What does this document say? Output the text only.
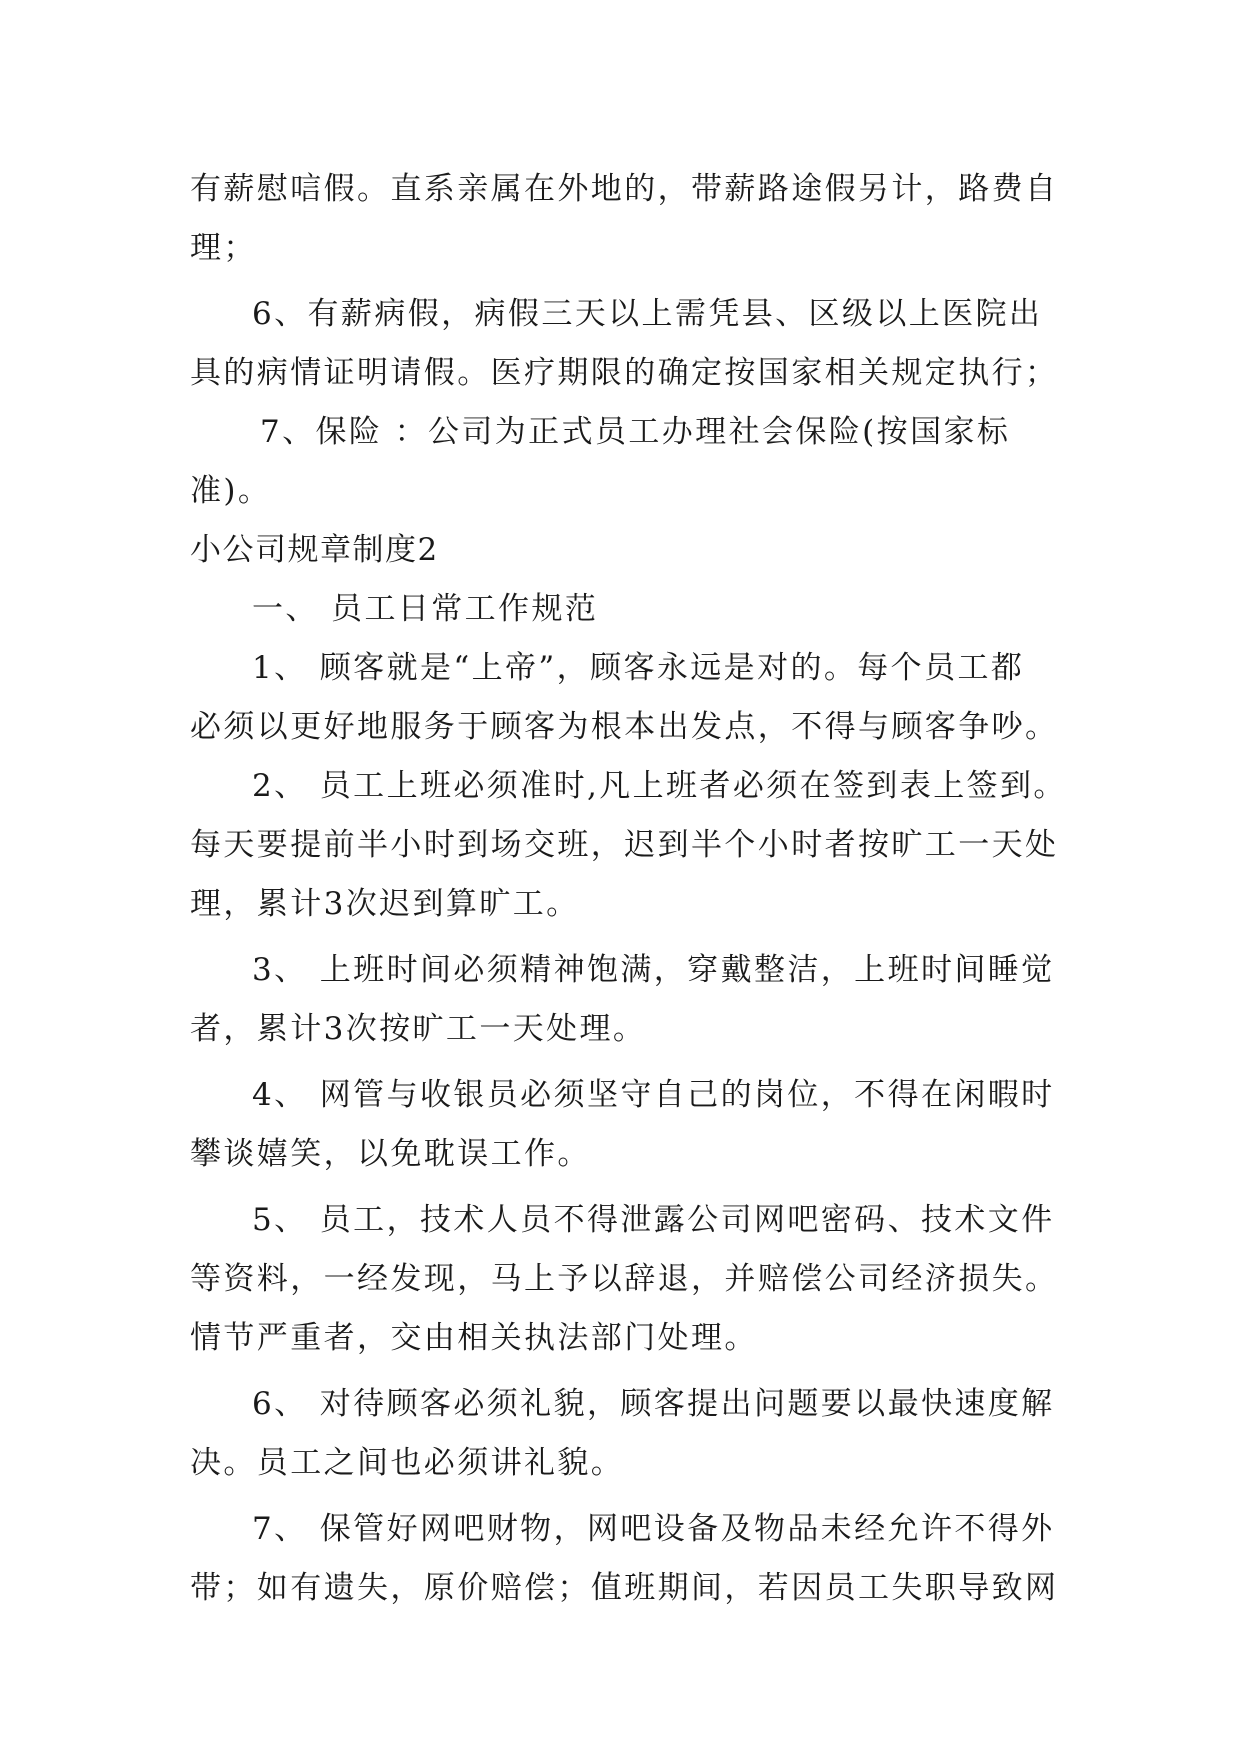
有薪慰唁假。直系亲属在外地的，带薪路途假另计，路费自
理；
6、有薪病假，病假三天以上需凭县、区级以上医院出
具的病情证明请假。医疗期限的确定按国家相关规定执行；
7、保险 ：公司为正式员工办理社会保险(按国家标
准)。
小公司规章制度2
一、 员工日常工作规范
1、 顾客就是“上帝”，顾客永远是对的。每个员工都
必须以更好地服务于顾客为根本出发点，不得与顾客争吵。
2、 员工上班必须准时,凡上班者必须在签到表上签到。
每天要提前半小时到场交班，迟到半个小时者按旷工一天处
理，累计3次迟到算旷工。
3、 上班时间必须精神饱满，穿戴整洁，上班时间睡觉
者，累计3次按旷工一天处理。
4、 网管与收银员必须坚守自己的岗位，不得在闲暇时
攀谈嬉笑，以免耽误工作。
5、 员工，技术人员不得泄露公司网吧密码、技术文件
等资料，一经发现，马上予以辞退，并赔偿公司经济损失。
情节严重者，交由相关执法部门处理。
6、 对待顾客必须礼貌，顾客提出问题要以最快速度解
决。员工之间也必须讲礼貌。
7、 保管好网吧财物，网吧设备及物品未经允许不得外
带；如有遗失，原价赔偿；值班期间，若因员工失职导致网
